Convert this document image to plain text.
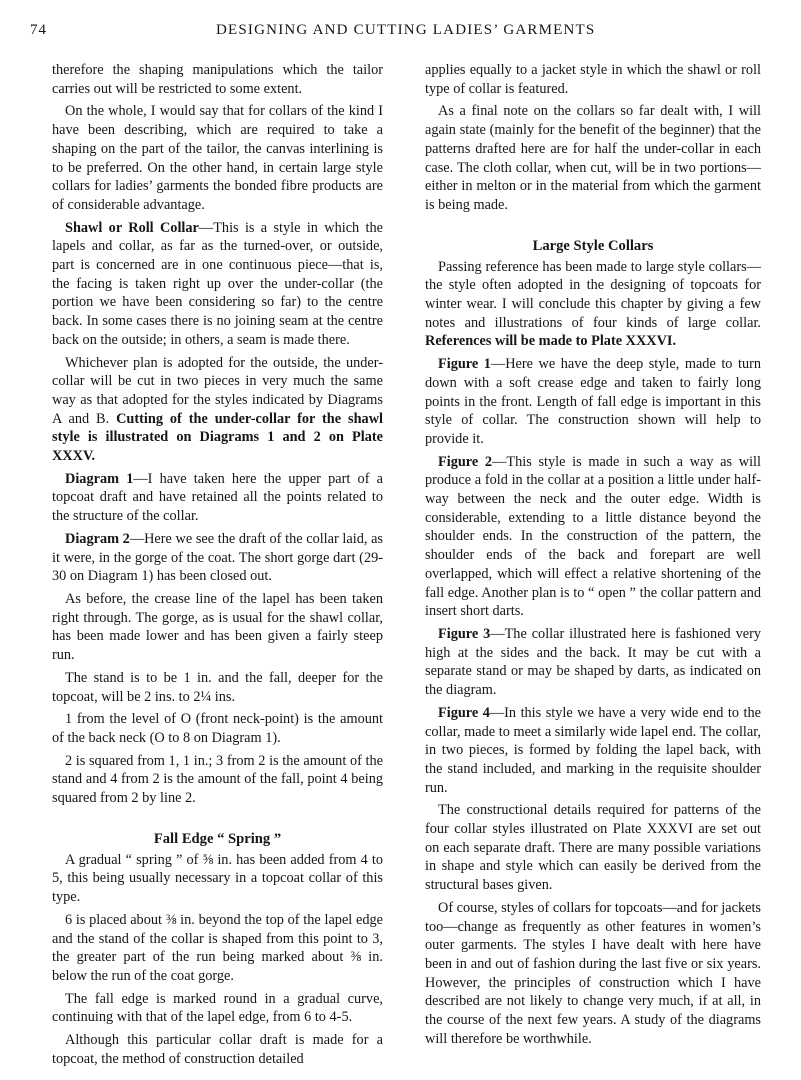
74	DESIGNING AND CUTTING LADIES’ GARMENTS

therefore the shaping manipulations which the tailor carries out will be restricted to some extent.

On the whole, I would say that for collars of the kind I have been describing, which are required to take a shaping on the part of the tailor, the canvas interlining is to be preferred. On the other hand, in certain large style collars for ladies’ garments the bonded fibre products are of considerable advantage.

Shawl or Roll Collar—This is a style in which the lapels and collar, as far as the turned-over, or outside, part is concerned are in one continuous piece—that is, the facing is taken right up over the under-collar (the portion we have been considering so far) to the centre back. In some cases there is no joining seam at the centre back on the outside; in others, a seam is made there.

Whichever plan is adopted for the outside, the under-collar will be cut in two pieces in very much the same way as that adopted for the styles indicated by Diagrams A and B. Cutting of the under-collar for the shawl style is illustrated on Diagrams 1 and 2 on Plate XXXV.

Diagram 1—I have taken here the upper part of a topcoat draft and have retained all the points related to the structure of the collar.

Diagram 2—Here we see the draft of the collar laid, as it were, in the gorge of the coat. The short gorge dart (29-30 on Diagram 1) has been closed out.

As before, the crease line of the lapel has been taken right through. The gorge, as is usual for the shawl collar, has been made lower and has been given a fairly steep run.

The stand is to be 1 in. and the fall, deeper for the topcoat, will be 2 ins. to 2¼ ins.

1 from the level of O (front neck-point) is the amount of the back neck (O to 8 on Diagram 1).

2 is squared from 1, 1 in.; 3 from 2 is the amount of the stand and 4 from 2 is the amount of the fall, point 4 being squared from 2 by line 2.

Fall Edge “ Spring ”

A gradual “ spring ” of ⅝ in. has been added from 4 to 5, this being usually necessary in a topcoat collar of this type.

6 is placed about ⅜ in. beyond the top of the lapel edge and the stand of the collar is shaped from this point to 3, the greater part of the run being marked about ⅜ in. below the run of the coat gorge.

The fall edge is marked round in a gradual curve, continuing with that of the lapel edge, from 6 to 4-5.

Although this particular collar draft is made for a topcoat, the method of construction detailed

applies equally to a jacket style in which the shawl or roll type of collar is featured.

As a final note on the collars so far dealt with, I will again state (mainly for the benefit of the beginner) that the patterns drafted here are for half the under-collar in each case. The cloth collar, when cut, will be in two portions—either in melton or in the material from which the garment is being made.

Large Style Collars

Passing reference has been made to large style collars—the style often adopted in the designing of topcoats for winter wear. I will conclude this chapter by giving a few notes and illustrations of four kinds of large collar. References will be made to Plate XXXVI.

Figure 1—Here we have the deep style, made to turn down with a soft crease edge and taken to fairly long points in the front. Length of fall edge is important in this style of collar. The construction shown will help to provide it.

Figure 2—This style is made in such a way as will produce a fold in the collar at a position a little under half-way between the neck and the outer edge. Width is considerable, extending to a little distance beyond the shoulder ends. In the construction of the pattern, the shoulder ends of the back and forepart are well overlapped, which will effect a relative shortening of the fall edge. Another plan is to “ open ” the collar pattern and insert short darts.

Figure 3—The collar illustrated here is fashioned very high at the sides and the back. It may be cut with a separate stand or may be shaped by darts, as indicated on the diagram.

Figure 4—In this style we have a very wide end to the collar, made to meet a similarly wide lapel end. The collar, in two pieces, is formed by folding the lapel back, with the stand included, and marking in the requisite shoulder run.

The constructional details required for patterns of the four collar styles illustrated on Plate XXXVI are set out on each separate draft. There are many possible variations in shape and style which can easily be derived from the structural bases given.

Of course, styles of collars for topcoats—and for jackets too—change as frequently as other features in women’s outer garments. The styles I have dealt with here have been in and out of fashion during the last five or six years. However, the principles of construction which I have described are not likely to change very much, if at all, in the course of the next few years. A study of the diagrams will therefore be worthwhile.
